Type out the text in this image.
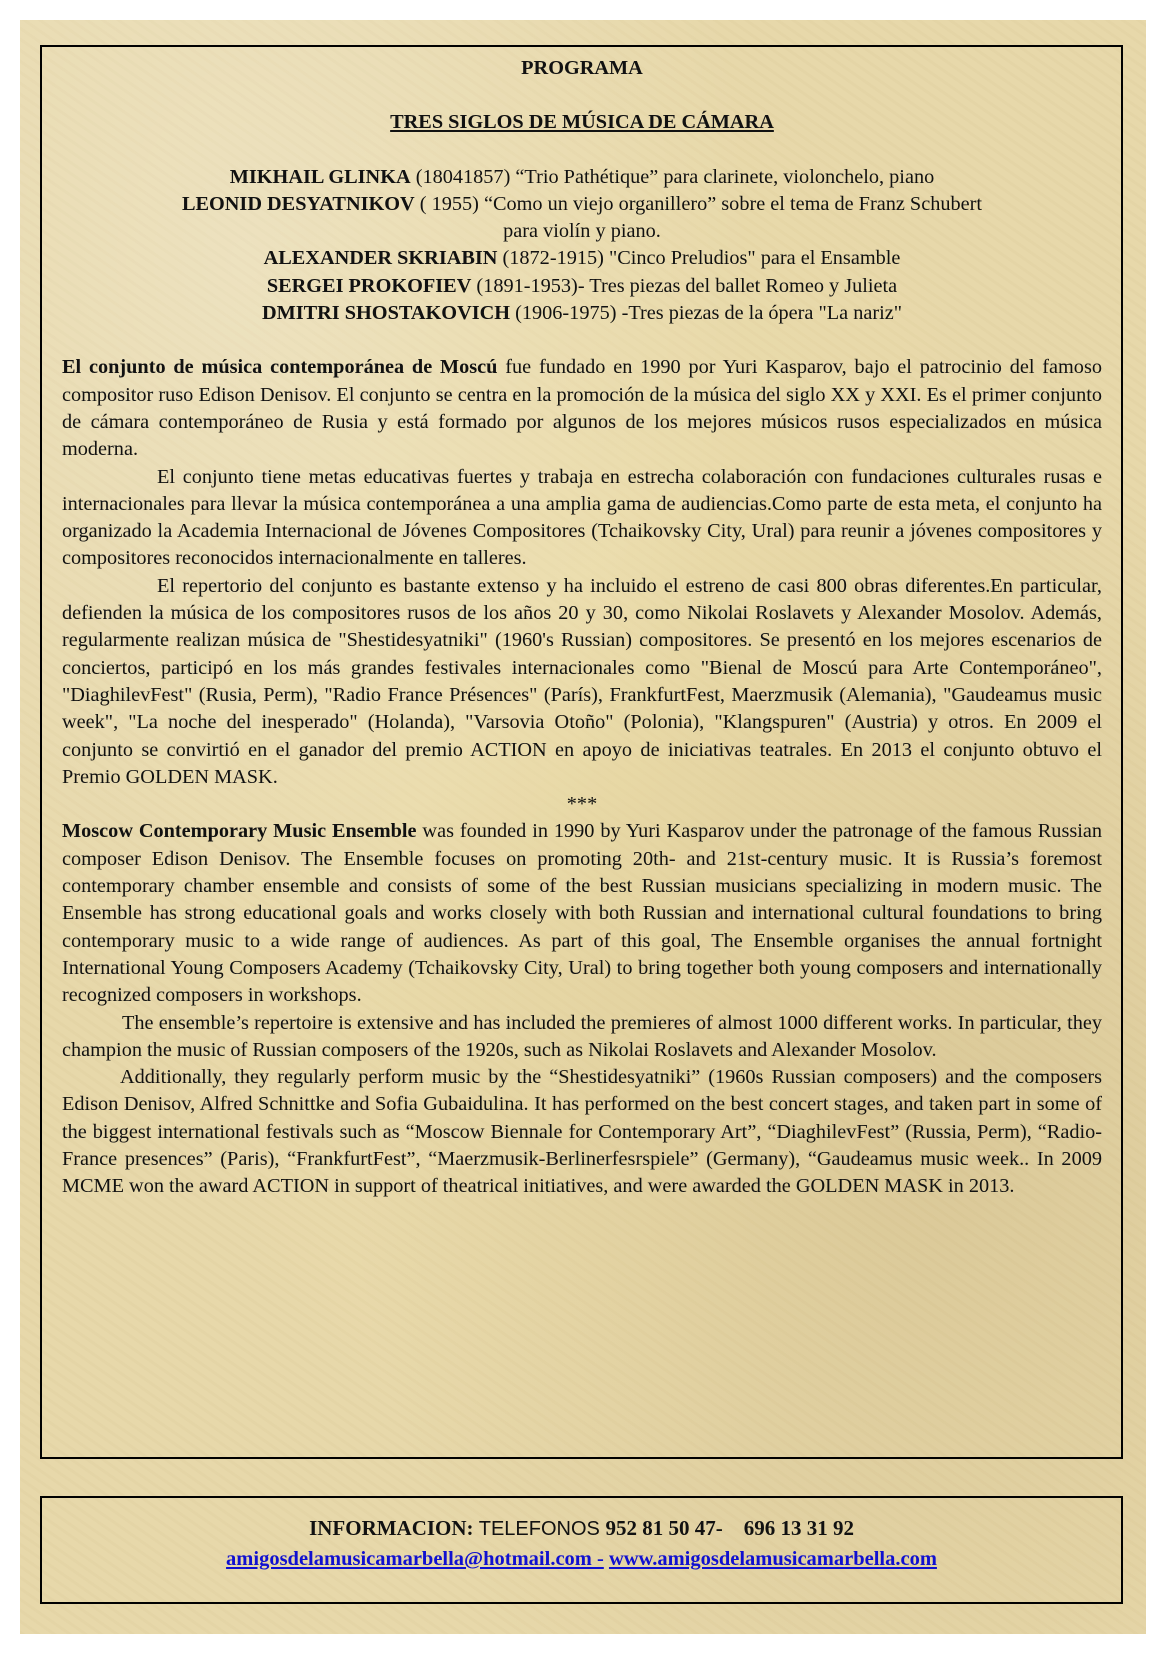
PROGRAMA

TRES SIGLOS DE MÚSICA DE CÁMARA

MIKHAIL GLINKA (18041857) “Trio Pathétique” para clarinete, violonchelo, piano

LEONID DESYATNIKOV ( 1955) “Como un viejo organillero” sobre el tema de Franz Schubert

para violín y piano.

ALEXANDER SKRIABIN (1872-1915) "Cinco Preludios" para el Ensamble

SERGEI PROKOFIEV (1891-1953)- Tres piezas del ballet Romeo y Julieta

DMITRI SHOSTAKOVICH (1906-1975) -Tres piezas de la ópera "La nariz"

El conjunto de música contemporánea de Moscú fue fundado en 1990 por Yuri Kasparov, bajo el patrocinio del famoso compositor ruso Edison Denisov. El conjunto se centra en la promoción de la música del siglo XX y XXI. Es el primer conjunto de cámara contemporáneo de Rusia y está formado por algunos de los mejores músicos rusos especializados en música moderna.

El conjunto tiene metas educativas fuertes y trabaja en estrecha colaboración con fundaciones culturales rusas e internacionales para llevar la música contemporánea a una amplia gama de audiencias.Como parte de esta meta, el conjunto ha organizado la Academia Internacional de Jóvenes Compositores (Tchaikovsky City, Ural) para reunir a jóvenes compositores y compositores reconocidos internacionalmente en talleres.

El repertorio del conjunto es bastante extenso y ha incluido el estreno de casi 800 obras diferentes.En particular, defienden la música de los compositores rusos de los años 20 y 30, como Nikolai Roslavets y Alexander Mosolov. Además, regularmente realizan música de "Shestidesyatniki" (1960's Russian) compositores. Se presentó en los mejores escenarios de conciertos, participó en los más grandes festivales internacionales como "Bienal de Moscú para Arte Contemporáneo", "DiaghilevFest" (Rusia, Perm), "Radio France Présences" (París), FrankfurtFest, Maerzmusik (Alemania), "Gaudeamus music week", "La noche del inesperado" (Holanda), "Varsovia Otoño" (Polonia), "Klangspuren" (Austria) y otros. En 2009 el conjunto se convirtió en el ganador del premio ACTION en apoyo de iniciativas teatrales. En 2013 el conjunto obtuvo el Premio GOLDEN MASK.

***

Moscow Contemporary Music Ensemble was founded in 1990 by Yuri Kasparov under the patronage of the famous Russian composer Edison Denisov. The Ensemble focuses on promoting 20th- and 21st-century music. It is Russia’s foremost contemporary chamber ensemble and consists of some of the best Russian musicians specializing in modern music. The Ensemble has strong educational goals and works closely with both Russian and international cultural foundations to bring contemporary music to a wide range of audiences. As part of this goal, The Ensemble organises the annual fortnight International Young Composers Academy (Tchaikovsky City, Ural) to bring together both young composers and internationally recognized composers in workshops.

The ensemble’s repertoire is extensive and has included the premieres of almost 1000 different works. In particular, they champion the music of Russian composers of the 1920s, such as Nikolai Roslavets and Alexander Mosolov.

Additionally, they regularly perform music by the “Shestidesyatniki” (1960s Russian composers) and the composers Edison Denisov, Alfred Schnittke and Sofia Gubaidulina. It has performed on the best concert stages, and taken part in some of the biggest international festivals such as “Moscow Biennale for Contemporary Art”, “DiaghilevFest” (Russia, Perm), “Radio-France presences” (Paris), “FrankfurtFest”, “Maerzmusik-Berlinerfesrspiele” (Germany), “Gaudeamus music week.. In 2009 MCME won the award ACTION in support of theatrical initiatives, and were awarded the GOLDEN MASK in 2013.

INFORMACION: TELEFONOS 952 81 50 47- 696 13 31 92
amigosdelamusicamarbella@hotmail.com - www.amigosdelamusicamarbella.com
